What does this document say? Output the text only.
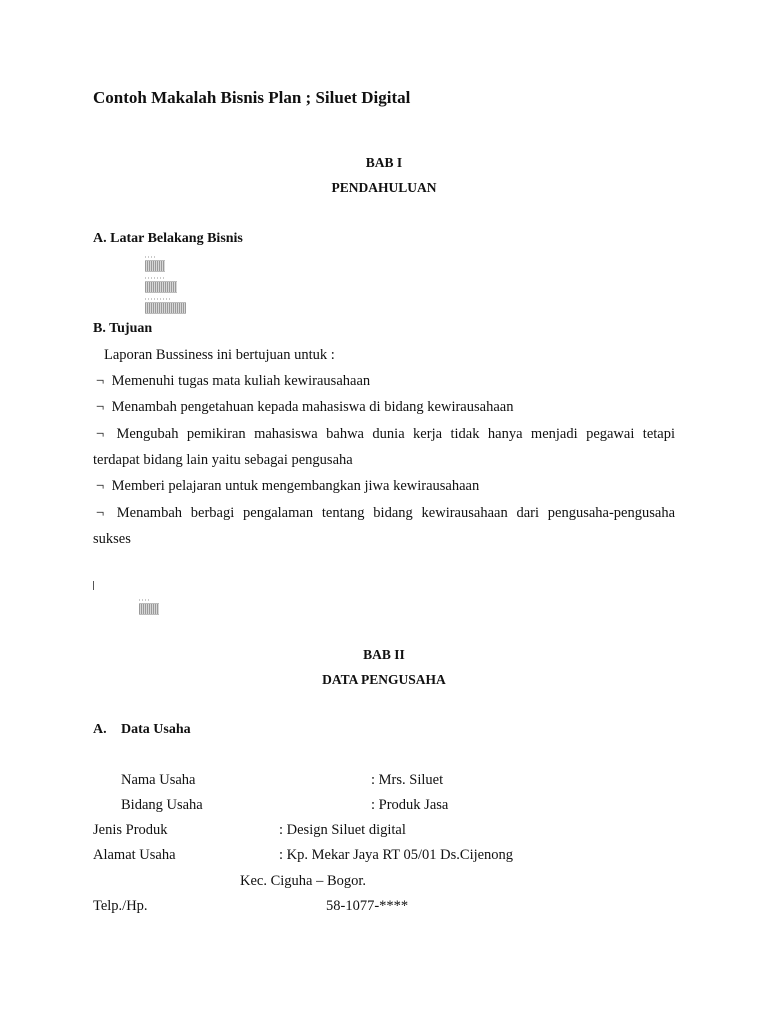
Contoh Makalah Bisnis Plan ; Siluet Digital
BAB I
PENDAHULUAN
A. Latar Belakang Bisnis
B. Tujuan
Laporan Bussiness ini bertujuan untuk :
¬ Memenuhi tugas mata kuliah kewirausahaan
¬ Menambah pengetahuan kepada mahasiswa di bidang kewirausahaan
¬ Mengubah pemikiran mahasiswa bahwa dunia kerja tidak hanya menjadi pegawai tetapi
terdapat bidang lain yaitu sebagai pengusaha
¬ Memberi pelajaran untuk mengembangkan jiwa kewirausahaan
¬ Menambah berbagi pengalaman tentang bidang kewirausahaan dari pengusaha-pengusaha
sukses
BAB II
DATA PENGUSAHA
A. Data Usaha
Nama Usaha	: Mrs. Siluet
Bidang Usaha	: Produk Jasa
Jenis Produk	: Design Siluet digital
Alamat Usaha	: Kp. Mekar Jaya RT 05/01 Ds.Cijenong
Kec. Ciguha – Bogor.
Telp./Hp.	58-1077-****
